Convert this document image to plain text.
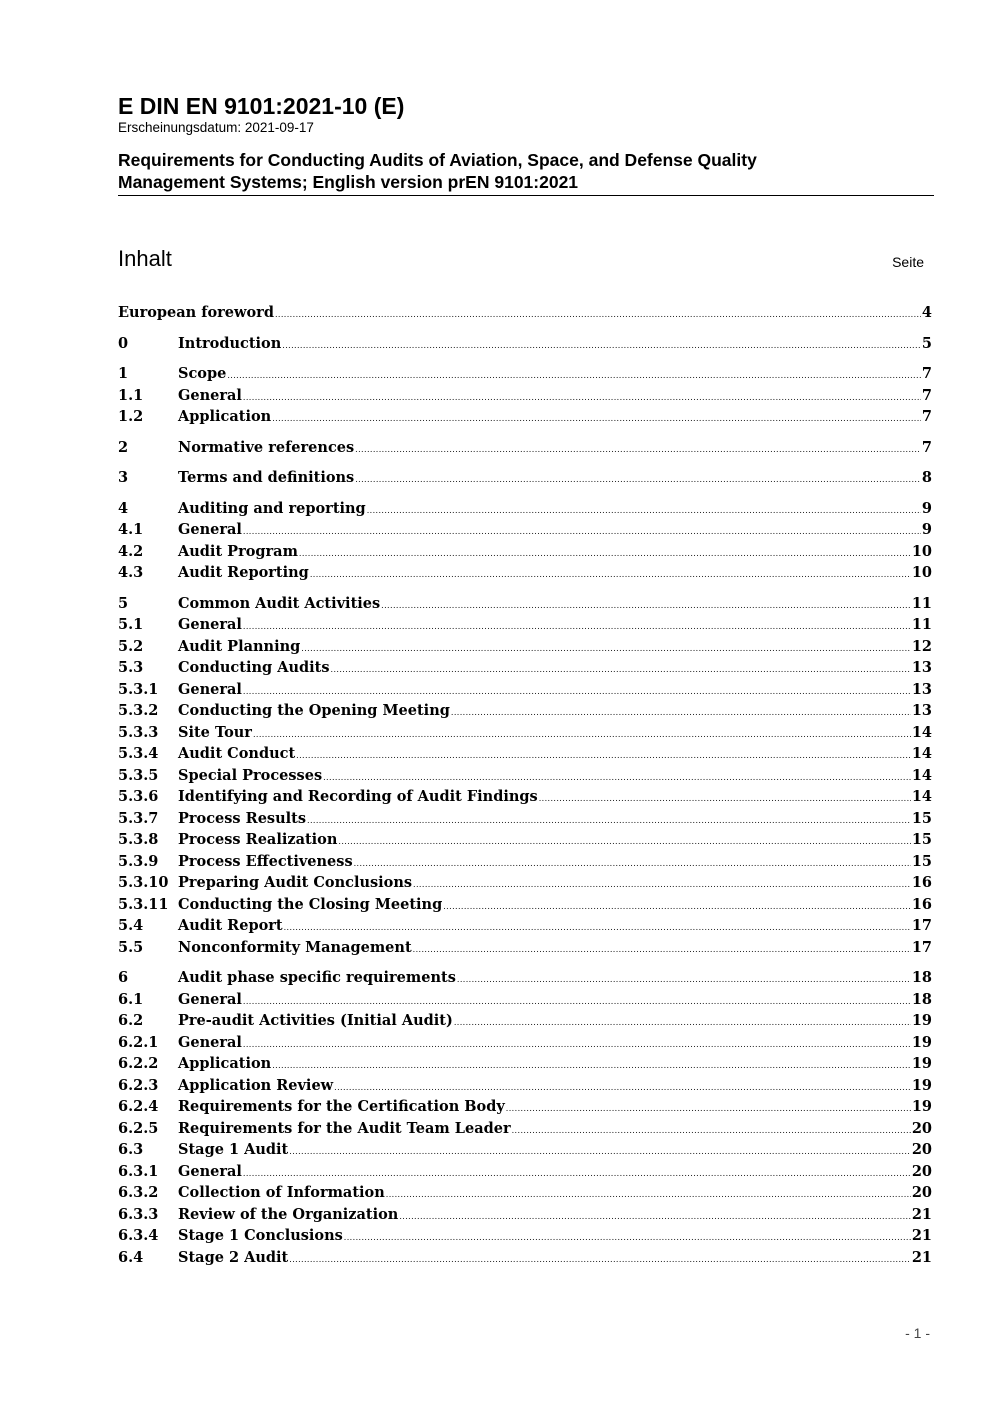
E DIN EN 9101:2021-10 (E)
Erscheinungsdatum: 2021-09-17
Requirements for Conducting Audits of Aviation, Space, and Defense Quality
Management Systems; English version prEN 9101:2021
Inhalt	Seite
European foreword .....	4
0	Introduction .....	5
1	Scope .....	7
1.1	General .....	7
1.2	Application .....	7
2	Normative references .....	7
3	Terms and definitions .....	8
4	Auditing and reporting .....	9
4.1	General .....	9
4.2	Audit Program .....	10
4.3	Audit Reporting .....	10
5	Common Audit Activities .....	11
5.1	General .....	11
5.2	Audit Planning .....	12
5.3	Conducting Audits .....	13
5.3.1	General .....	13
5.3.2	Conducting the Opening Meeting .....	13
5.3.3	Site Tour .....	14
5.3.4	Audit Conduct .....	14
5.3.5	Special Processes .....	14
5.3.6	Identifying and Recording of Audit Findings .....	14
5.3.7	Process Results .....	15
5.3.8	Process Realization .....	15
5.3.9	Process Effectiveness .....	15
5.3.10 Preparing Audit Conclusions .....	16
5.3.11 Conducting the Closing Meeting .....	16
5.4	Audit Report .....	17
5.5	Nonconformity Management .....	17
6	Audit phase specific requirements .....	18
6.1	General .....	18
6.2	Pre-audit Activities (Initial Audit) .....	19
6.2.1	General .....	19
6.2.2	Application .....	19
6.2.3	Application Review .....	19
6.2.4	Requirements for the Certification Body .....	19
6.2.5	Requirements for the Audit Team Leader .....	20
6.3	Stage 1 Audit .....	20
6.3.1	General .....	20
6.3.2	Collection of Information .....	20
6.3.3	Review of the Organization .....	21
6.3.4	Stage 1 Conclusions .....	21
6.4	Stage 2 Audit .....	21
- 1 -
